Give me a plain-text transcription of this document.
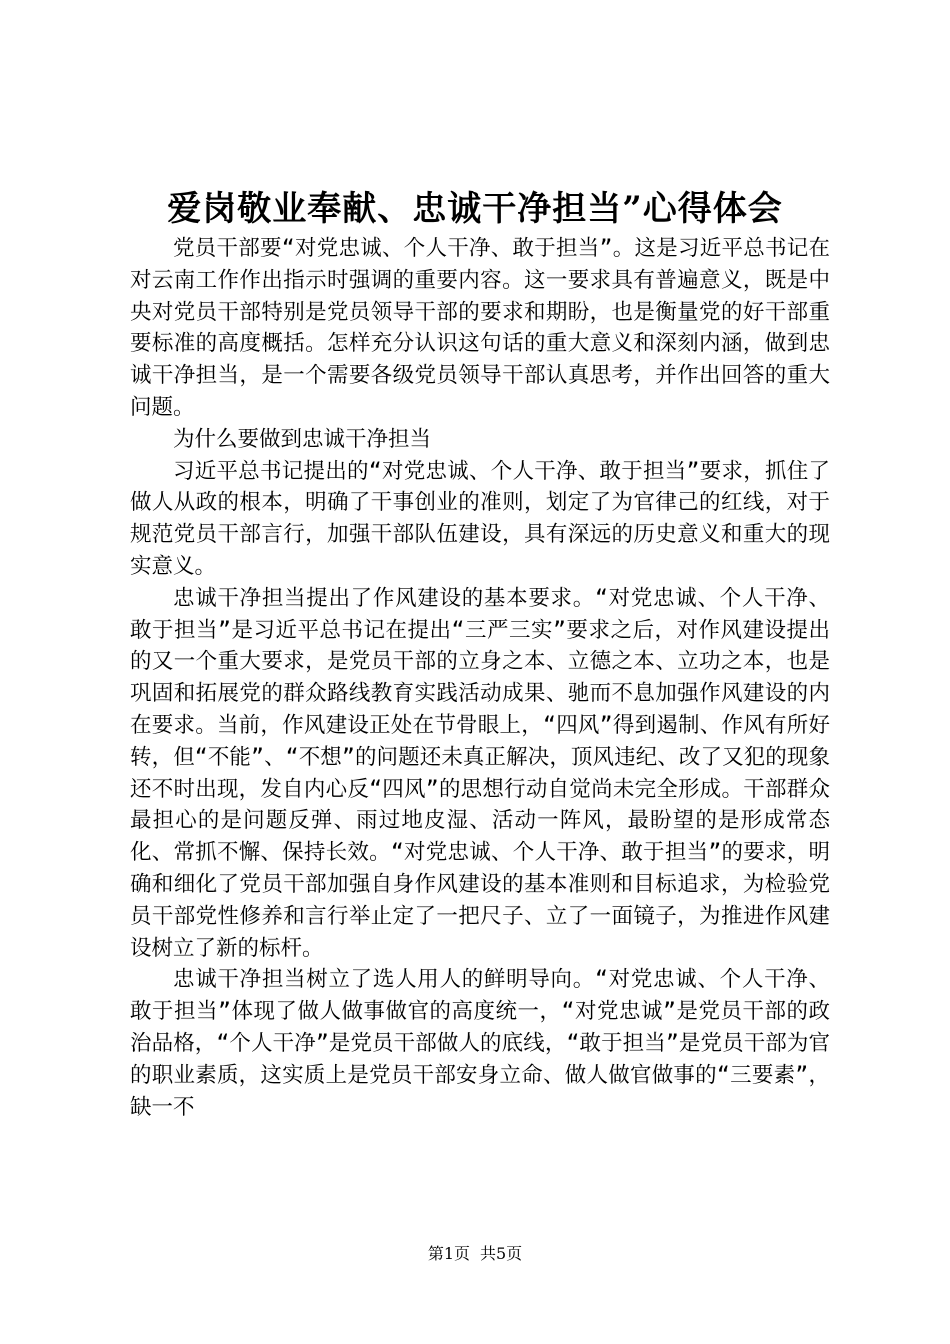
爱岗敬业奉献、忠诚干净担当”心得体会

党员干部要“对党忠诚、个人干净、敢于担当”。这是习近平总书记在对云南工作作出指示时强调的重要内容。这一要求具有普遍意义，既是中央对党员干部特别是党员领导干部的要求和期盼，也是衡量党的好干部重要标准的高度概括。怎样充分认识这句话的重大意义和深刻内涵，做到忠诚干净担当，是一个需要各级党员领导干部认真思考，并作出回答的重大问题。

为什么要做到忠诚干净担当

习近平总书记提出的“对党忠诚、个人干净、敢于担当”要求，抓住了做人从政的根本，明确了干事创业的准则，划定了为官律己的红线，对于规范党员干部言行，加强干部队伍建设，具有深远的历史意义和重大的现实意义。

忠诚干净担当提出了作风建设的基本要求。“对党忠诚、个人干净、敢于担当”是习近平总书记在提出“三严三实”要求之后，对作风建设提出的又一个重大要求，是党员干部的立身之本、立德之本、立功之本，也是巩固和拓展党的群众路线教育实践活动成果、驰而不息加强作风建设的内在要求。当前，作风建设正处在节骨眼上，“四风”得到遏制、作风有所好转，但“不能”、“不想”的问题还未真正解决，顶风违纪、改了又犯的现象还不时出现，发自内心反“四风”的思想行动自觉尚未完全形成。干部群众最担心的是问题反弹、雨过地皮湿、活动一阵风，最盼望的是形成常态化、常抓不懈、保持长效。“对党忠诚、个人干净、敢于担当”的要求，明确和细化了党员干部加强自身作风建设的基本准则和目标追求，为检验党员干部党性修养和言行举止定了一把尺子、立了一面镜子，为推进作风建设树立了新的标杆。

忠诚干净担当树立了选人用人的鲜明导向。“对党忠诚、个人干净、敢于担当”体现了做人做事做官的高度统一，“对党忠诚”是党员干部的政治品格，“个人干净”是党员干部做人的底线，“敢于担当”是党员干部为官的职业素质，这实质上是党员干部安身立命、做人做官做事的“三要素”，缺一不

第1页 共5页
